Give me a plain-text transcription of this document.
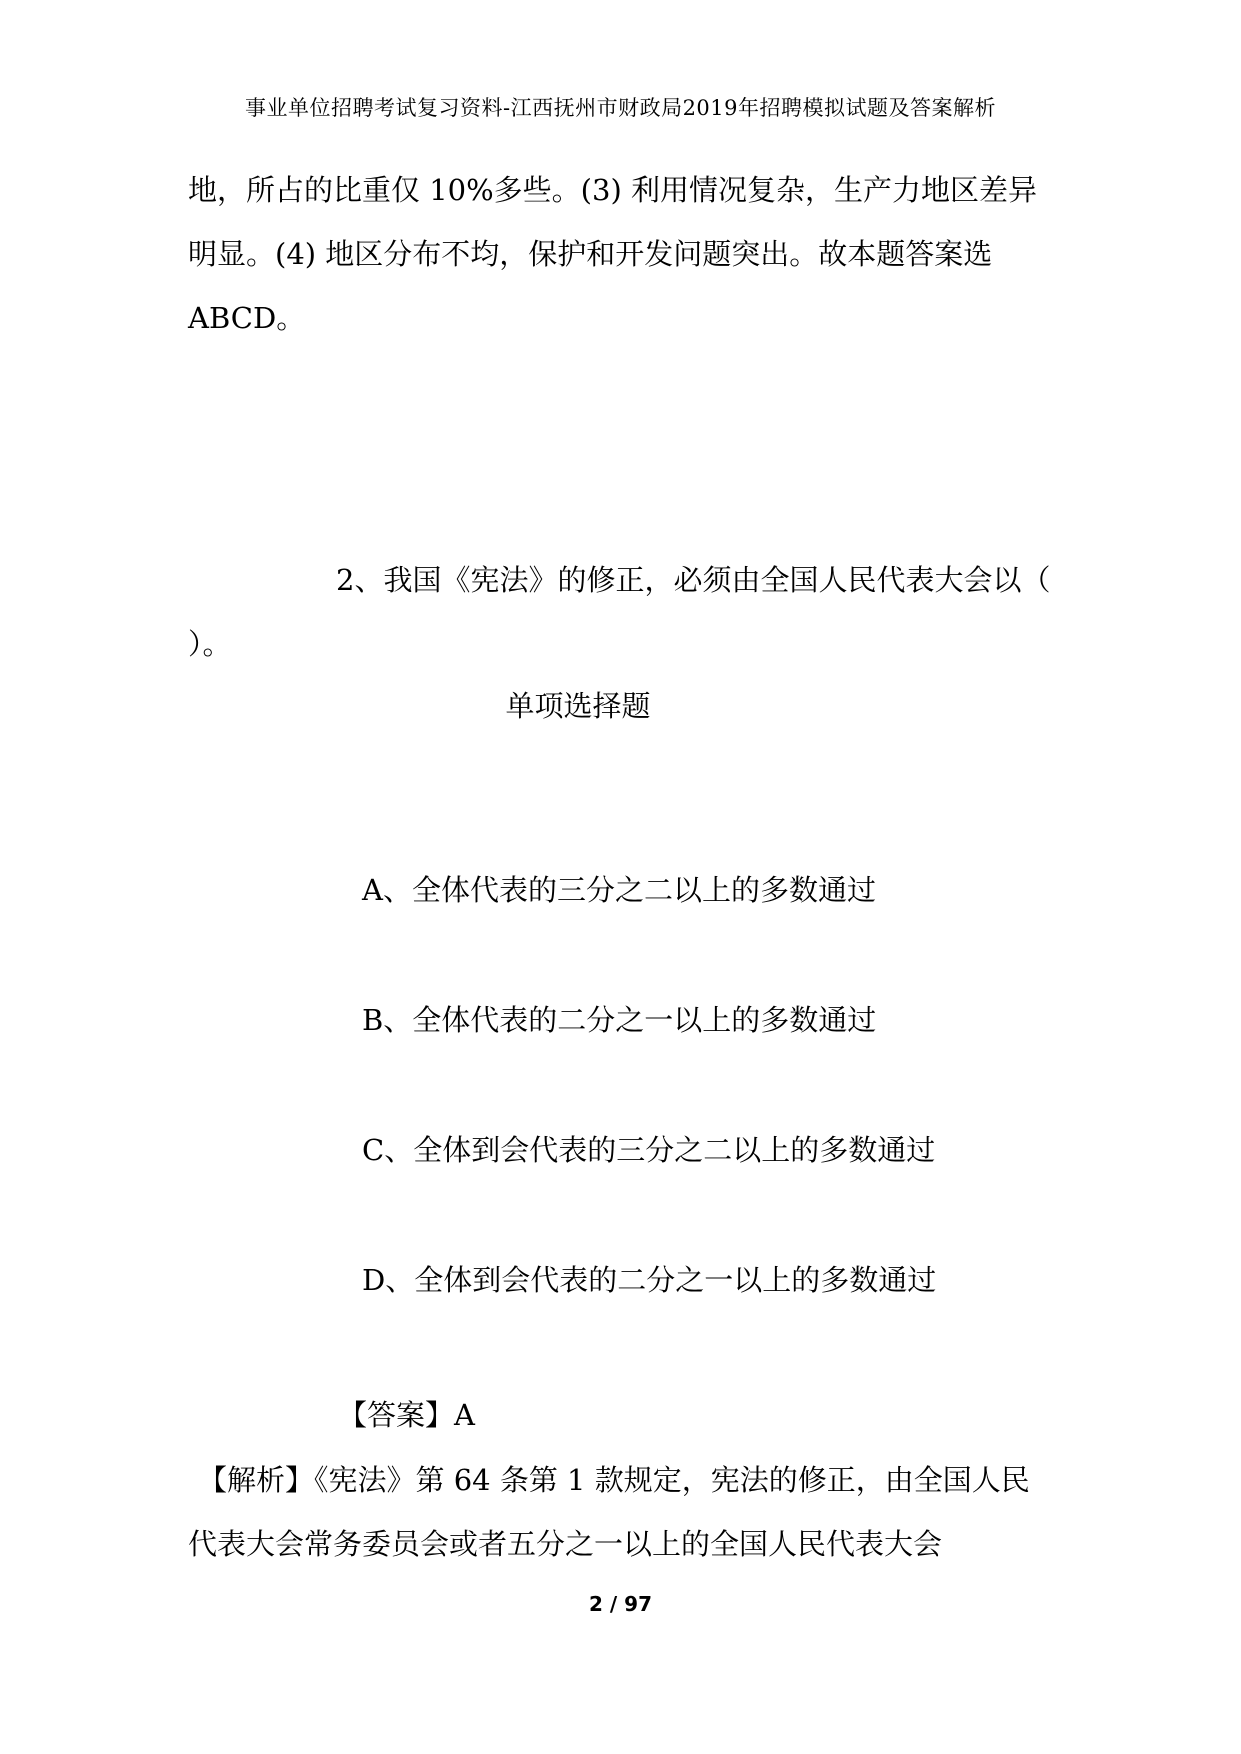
事业单位招聘考试复习资料-江西抚州市财政局2019年招聘模拟试题及答案解析

地，所占的比重仅 10%多些。(3) 利用情况复杂，生产力地区差异明显。(4) 地区分布不均，保护和开发问题突出。故本题答案选 ABCD。

2、我国《宪法》的修正，必须由全国人民代表大会以（ ）。

单项选择题
A、全体代表的三分之二以上的多数通过
B、全体代表的二分之一以上的多数通过
C、全体到会代表的三分之二以上的多数通过
D、全体到会代表的二分之一以上的多数通过
【答案】A

【解析】《宪法》第 64 条第 1 款规定，宪法的修正，由全国人民代表大会常务委员会或者五分之一以上的全国人民代表大会

2 / 97
